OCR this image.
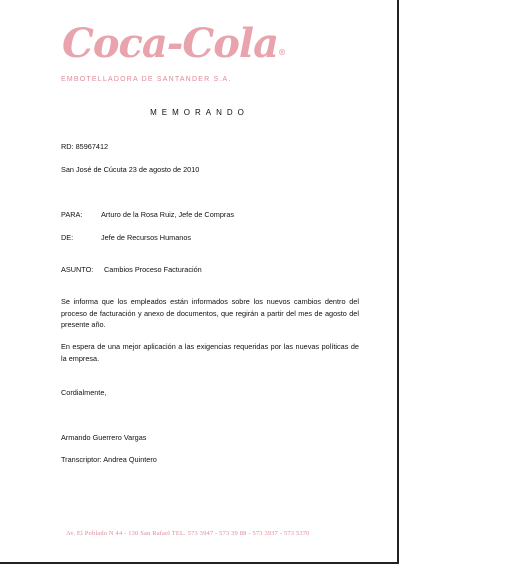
Coca-Cola®
EMBOTELLADORA DE SANTANDER S.A.
MEMORANDO
RD: 85967412
San José de Cúcuta 23 de agosto de 2010
PARA:	Arturo de la Rosa Ruiz, Jefe de Compras
DE:	Jefe de Recursos Humanos
ASUNTO: Cambios Proceso Facturación
Se informa que los empleados están informados sobre los nuevos cambios dentro del proceso de facturación y anexo de documentos, que regirán a partir del mes de agosto del presente año.
En espera de una mejor aplicación a las exigencias requeridas por las nuevas políticas de la empresa.
Cordialmente,
Armando Guerrero Vargas
Transcriptor: Andrea Quintero
Av. El Poblado N 44 - 130 San Rafael TEL. 573 3947 - 573 39 88 - 573 3937 - 573 5370
